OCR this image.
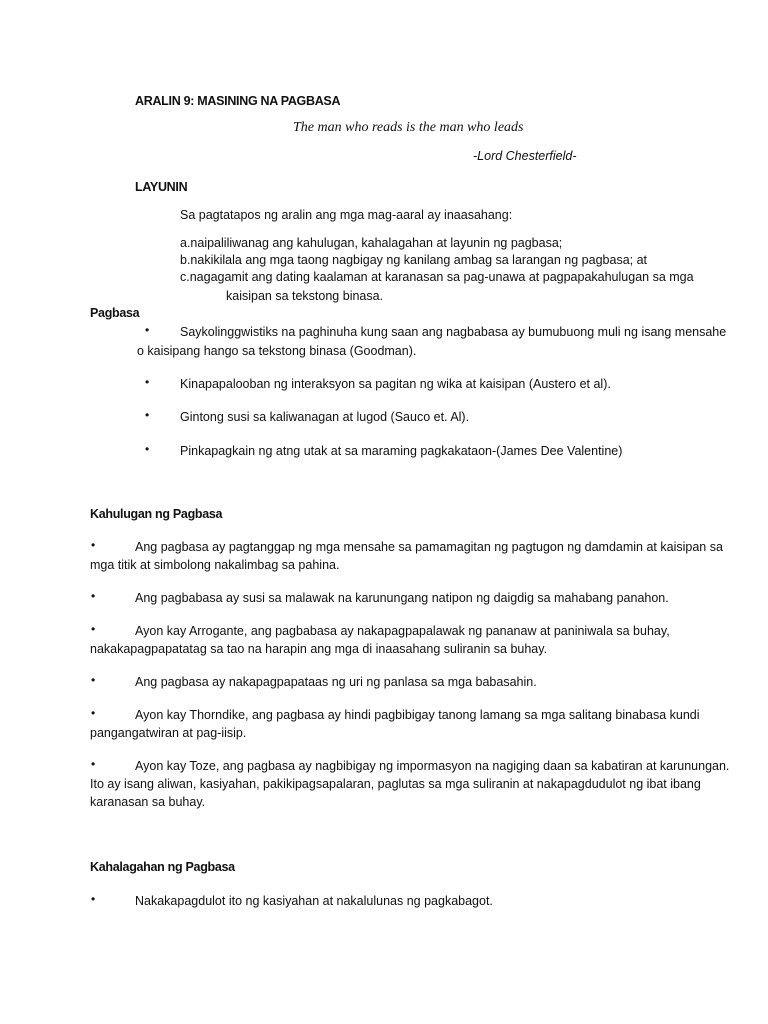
ARALIN 9: MASINING NA PAGBASA
The man who reads is the man who leads
-Lord Chesterfield-
LAYUNIN
Sa pagtatapos ng aralin ang mga mag-aaral ay inaasahang:
a.naipaliliwanag ang kahulugan, kahalagahan at layunin ng pagbasa;
b.nakikilala ang mga taong nagbigay ng kanilang ambag sa larangan ng pagbasa; at
c.nagagamit ang dating kaalaman at karanasan sa pag-unawa at pagpapakahulugan sa mga
kaisipan sa tekstong binasa.
Pagbasa
• Saykolinggwistiks na paghinuha kung saan ang nagbabasa ay bumubuong muli ng isang mensahe
o kaisipang hango sa tekstong binasa (Goodman).
• Kinapapalooban ng interaksyon sa pagitan ng wika at kaisipan (Austero et al).
• Gintong susi sa kaliwanagan at lugod (Sauco et. Al).
• Pinkapagkain ng atng utak at sa maraming pagkakataon-(James Dee Valentine)
Kahulugan ng Pagbasa
•	Ang pagbasa ay pagtanggap ng mga mensahe sa pamamagitan ng pagtugon ng damdamin at kaisipan sa
mga titik at simbolong nakalimbag sa pahina.
•	Ang pagbabasa ay susi sa malawak na karunungang natipon ng daigdig sa mahabang panahon.
•	Ayon kay Arrogante, ang pagbabasa ay nakapagpapalawak ng pananaw at paniniwala sa buhay,
nakakapagpapatatag sa tao na harapin ang mga di inaasahang suliranin sa buhay.
•	Ang pagbasa ay nakapagpapataas ng uri ng panlasa sa mga babasahin.
•	Ayon kay Thorndike, ang pagbasa ay hindi pagbibigay tanong lamang sa mga salitang binabasa kundi
pangangatwiran at pag-iisip.
•	Ayon kay Toze, ang pagbasa ay nagbibigay ng impormasyon na nagiging daan sa kabatiran at karunungan.
Ito ay isang aliwan, kasiyahan, pakikipagsapalaran, paglutas sa mga suliranin at nakapagdudulot ng ibat ibang
karanasan sa buhay.
Kahalagahan ng Pagbasa
•	Nakakapagdulot ito ng kasiyahan at nakalulunas ng pagkabagot.
